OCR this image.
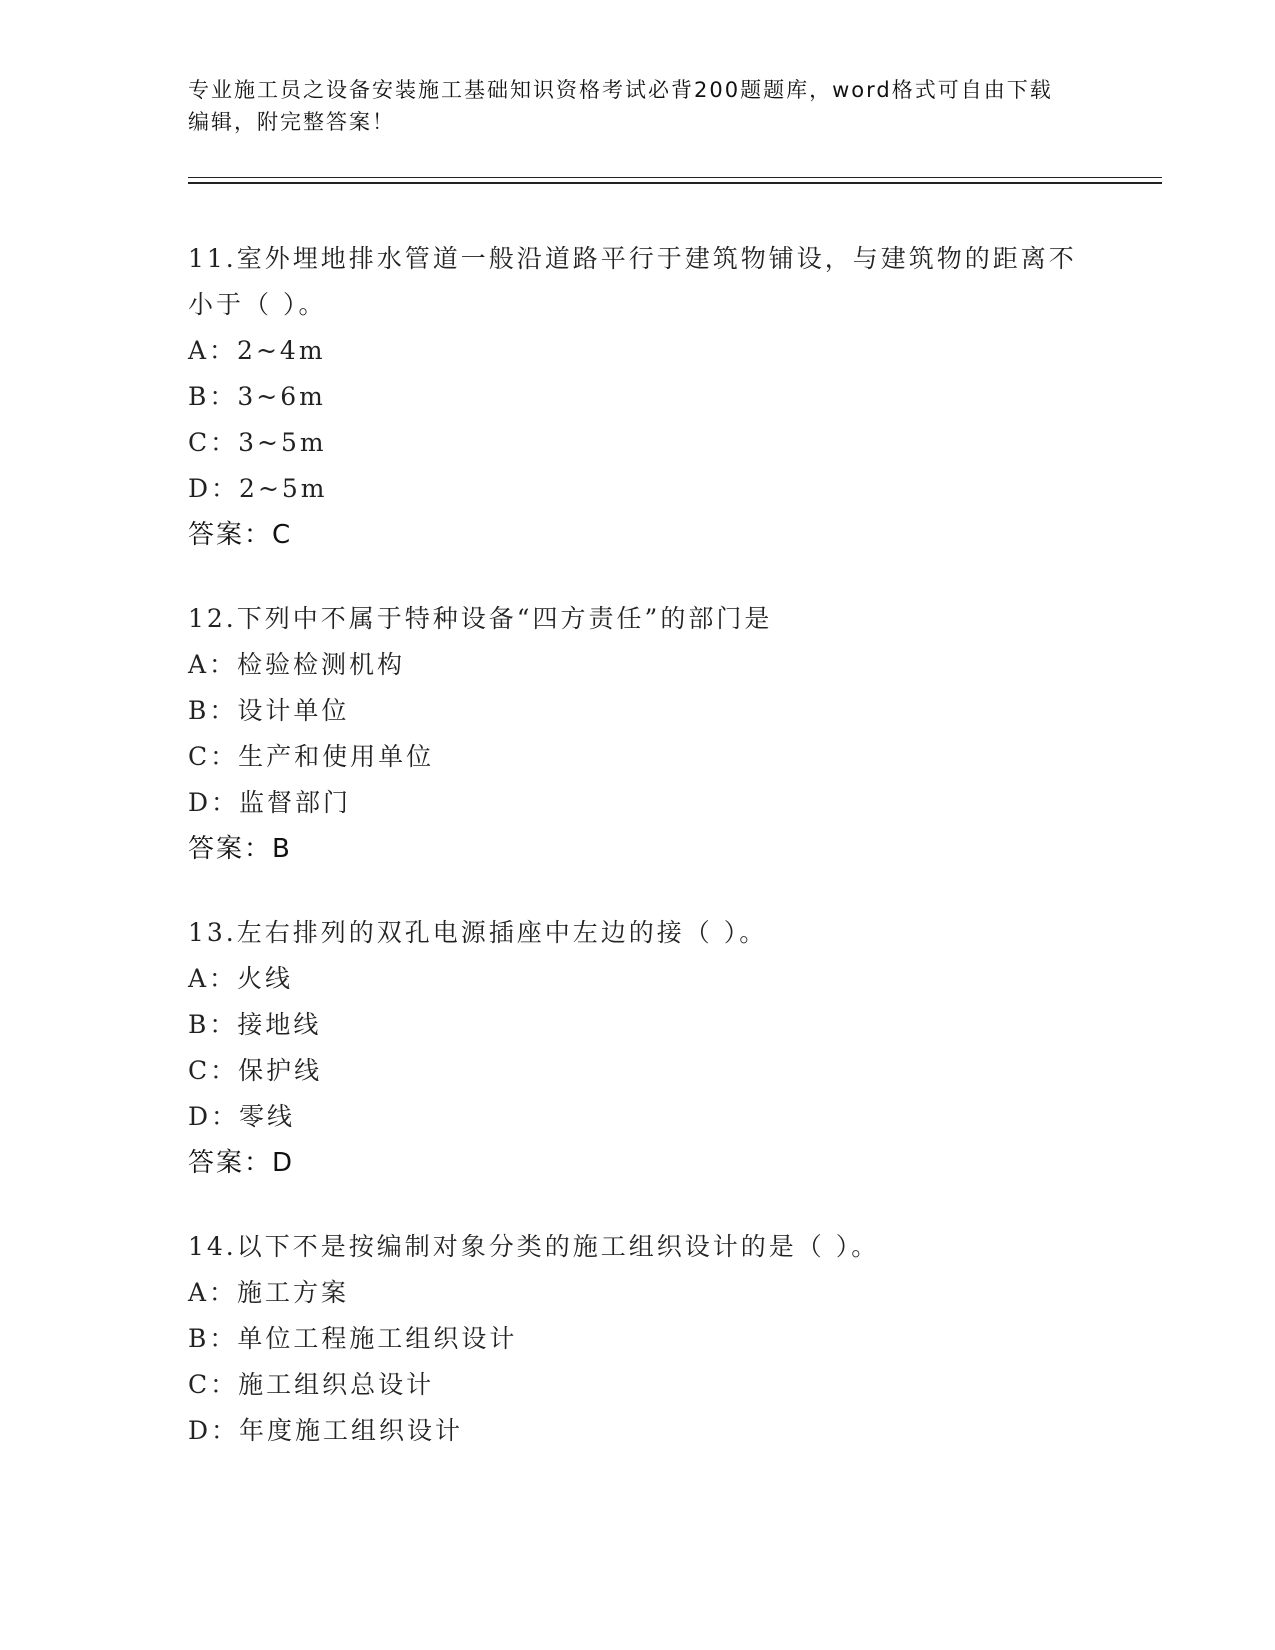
专业施工员之设备安装施工基础知识资格考试必背200题题库，word格式可自由下载编辑，附完整答案！
11.室外埋地排水管道一般沿道路平行于建筑物铺设，与建筑物的距离不小于（ ）。
A：2~4m
B：3~6m
C：3~5m
D：2~5m
答案：C
12.下列中不属于特种设备“四方责任”的部门是
A：检验检测机构
B：设计单位
C：生产和使用单位
D：监督部门
答案：B
13.左右排列的双孔电源插座中左边的接（ ）。
A：火线
B：接地线
C：保护线
D：零线
答案：D
14.以下不是按编制对象分类的施工组织设计的是（ ）。
A：施工方案
B：单位工程施工组织设计
C：施工组织总设计
D：年度施工组织设计
